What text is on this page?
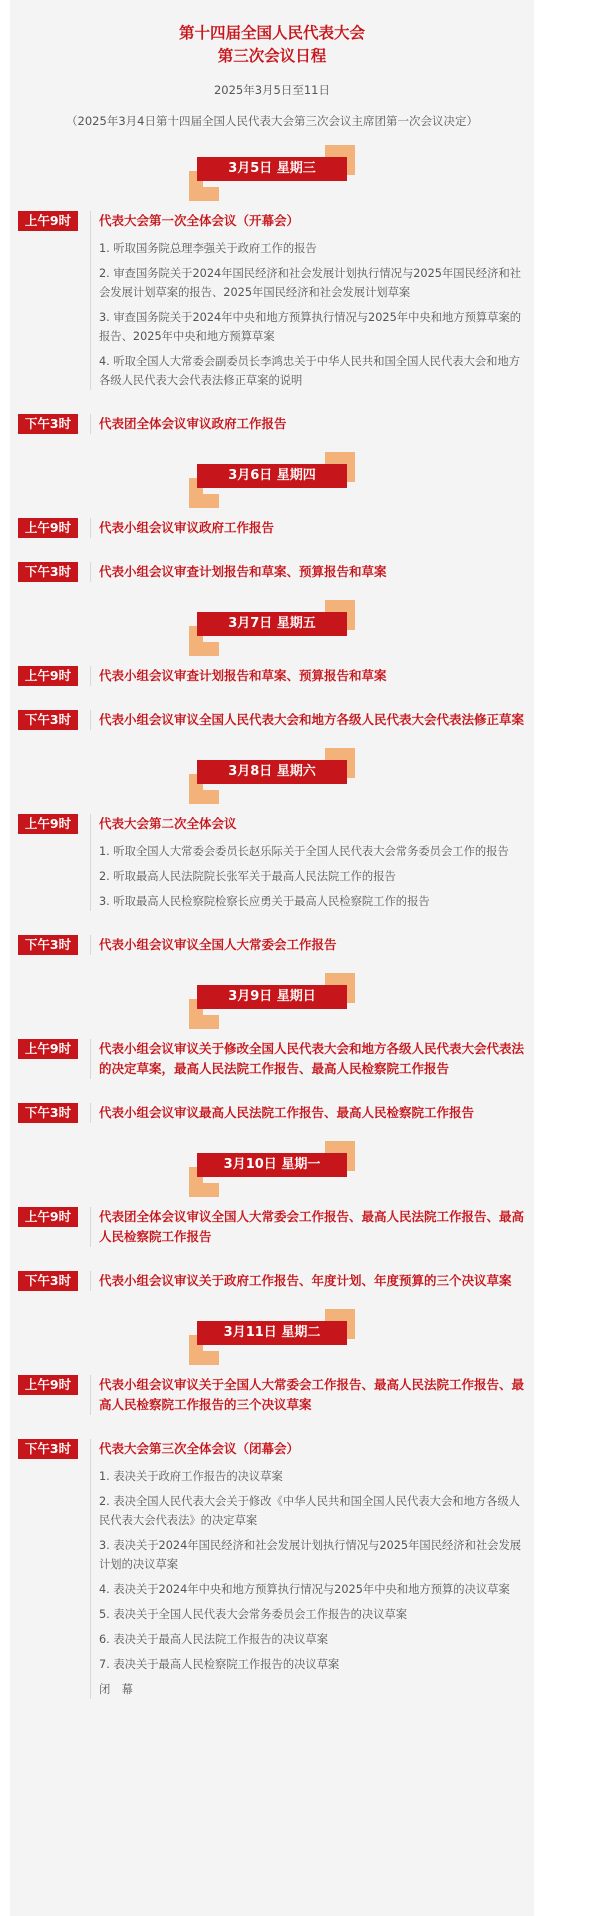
第十四届全国人民代表大会
第三次会议日程
2025年3月5日至11日
（2025年3月4日第十四届全国人民代表大会第三次会议主席团第一次会议决定）
3月5日 星期三
上午9时	代表大会第一次全体会议（开幕会）
1. 听取国务院总理李强关于政府工作的报告
2. 审查国务院关于2024年国民经济和社会发展计划执行情况与2025年国民经济和社会发展计划草案的报告、2025年国民经济和社会发展计划草案
3. 审查国务院关于2024年中央和地方预算执行情况与2025年中央和地方预算草案的报告、2025年中央和地方预算草案
4. 听取全国人大常委会副委员长李鸿忠关于中华人民共和国全国人民代表大会和地方各级人民代表大会代表法修正草案的说明
下午3时	代表团全体会议审议政府工作报告
3月6日 星期四
上午9时	代表小组会议审议政府工作报告
下午3时	代表小组会议审查计划报告和草案、预算报告和草案
3月7日 星期五
上午9时	代表小组会议审查计划报告和草案、预算报告和草案
下午3时	代表小组会议审议全国人民代表大会和地方各级人民代表大会代表法修正草案
3月8日 星期六
上午9时	代表大会第二次全体会议
1. 听取全国人大常委会委员长赵乐际关于全国人民代表大会常务委员会工作的报告
2. 听取最高人民法院院长张军关于最高人民法院工作的报告
3. 听取最高人民检察院检察长应勇关于最高人民检察院工作的报告
下午3时	代表小组会议审议全国人大常委会工作报告
3月9日 星期日
上午9时	代表小组会议审议关于修改全国人民代表大会和地方各级人民代表大会代表法的决定草案，最高人民法院工作报告、最高人民检察院工作报告
下午3时	代表小组会议审议最高人民法院工作报告、最高人民检察院工作报告
3月10日 星期一
上午9时	代表团全体会议审议全国人大常委会工作报告、最高人民法院工作报告、最高人民检察院工作报告
下午3时	代表小组会议审议关于政府工作报告、年度计划、年度预算的三个决议草案
3月11日 星期二
上午9时	代表小组会议审议关于全国人大常委会工作报告、最高人民法院工作报告、最高人民检察院工作报告的三个决议草案
下午3时	代表大会第三次全体会议（闭幕会）
1. 表决关于政府工作报告的决议草案
2. 表决全国人民代表大会关于修改《中华人民共和国全国人民代表大会和地方各级人民代表大会代表法》的决定草案
3. 表决关于2024年国民经济和社会发展计划执行情况与2025年国民经济和社会发展计划的决议草案
4. 表决关于2024年中央和地方预算执行情况与2025年中央和地方预算的决议草案
5. 表决关于全国人民代表大会常务委员会工作报告的决议草案
6. 表决关于最高人民法院工作报告的决议草案
7. 表决关于最高人民检察院工作报告的决议草案
闭　幕
